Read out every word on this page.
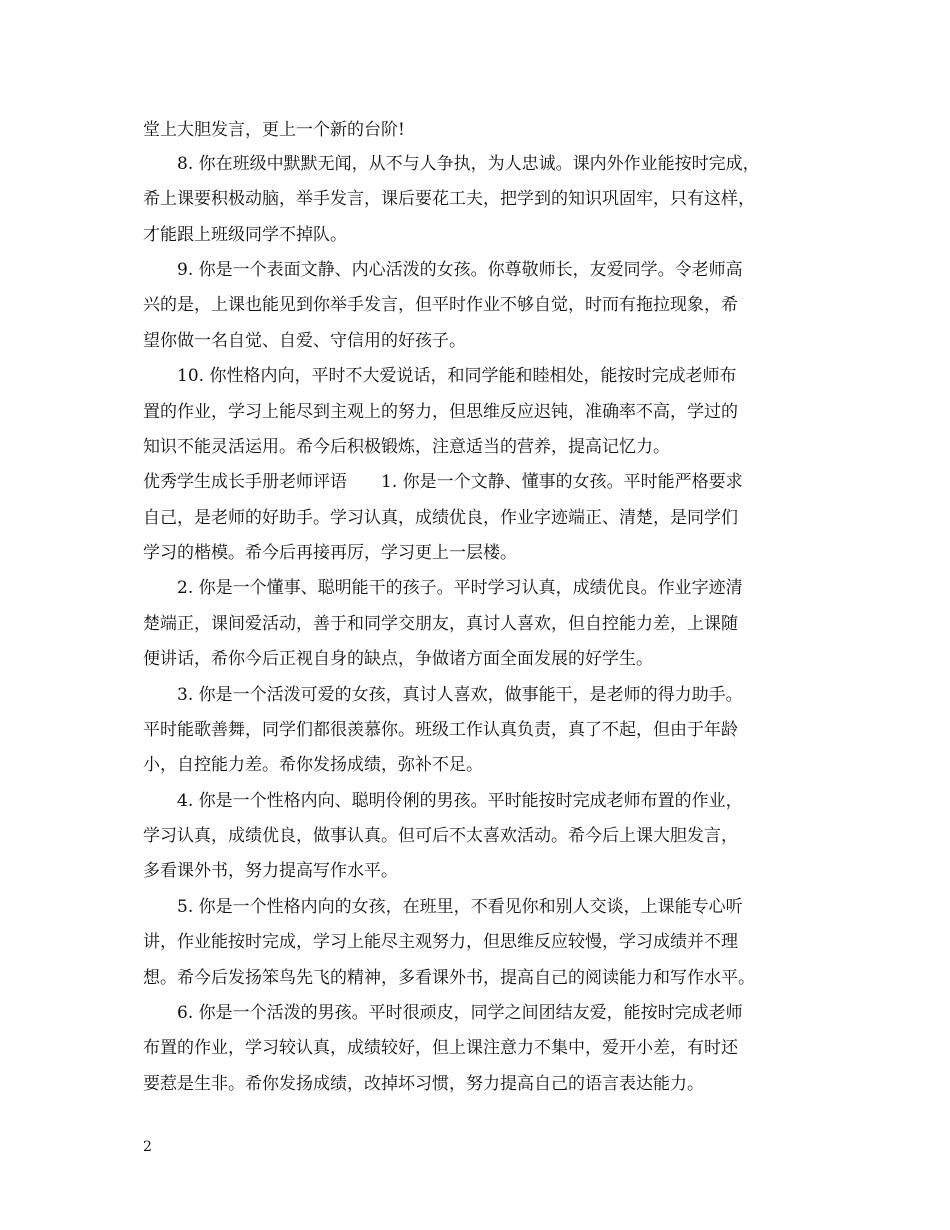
堂上大胆发言，更上一个新的台阶!
　　8. 你在班级中默默无闻，从不与人争执，为人忠诚。课内外作业能按时完成，
希上课要积极动脑，举手发言，课后要花工夫，把学到的知识巩固牢，只有这样，
才能跟上班级同学不掉队。
　　9. 你是一个表面文静、内心活泼的女孩。你尊敬师长，友爱同学。令老师高
兴的是，上课也能见到你举手发言，但平时作业不够自觉，时而有拖拉现象，希
望你做一名自觉、自爱、守信用的好孩子。
　　10. 你性格内向，平时不大爱说话，和同学能和睦相处，能按时完成老师布
置的作业，学习上能尽到主观上的努力，但思维反应迟钝，准确率不高，学过的
知识不能灵活运用。希今后积极锻炼，注意适当的营养，提高记忆力。
优秀学生成长手册老师评语　　1. 你是一个文静、懂事的女孩。平时能严格要求
自己，是老师的好助手。学习认真，成绩优良，作业字迹端正、清楚，是同学们
学习的楷模。希今后再接再厉，学习更上一层楼。
　　2. 你是一个懂事、聪明能干的孩子。平时学习认真，成绩优良。作业字迹清
楚端正，课间爱活动，善于和同学交朋友，真讨人喜欢，但自控能力差，上课随
便讲话，希你今后正视自身的缺点，争做诸方面全面发展的好学生。
　　3. 你是一个活泼可爱的女孩，真讨人喜欢，做事能干，是老师的得力助手。
平时能歌善舞，同学们都很羡慕你。班级工作认真负责，真了不起，但由于年龄
小，自控能力差。希你发扬成绩，弥补不足。
　　4. 你是一个性格内向、聪明伶俐的男孩。平时能按时完成老师布置的作业，
学习认真，成绩优良，做事认真。但可后不太喜欢活动。希今后上课大胆发言，
多看课外书，努力提高写作水平。
　　5. 你是一个性格内向的女孩，在班里，不看见你和别人交谈，上课能专心听
讲，作业能按时完成，学习上能尽主观努力，但思维反应较慢，学习成绩并不理
想。希今后发扬笨鸟先飞的精神，多看课外书，提高自己的阅读能力和写作水平。
　　6. 你是一个活泼的男孩。平时很顽皮，同学之间团结友爱，能按时完成老师
布置的作业，学习较认真，成绩较好，但上课注意力不集中，爱开小差，有时还
要惹是生非。希你发扬成绩，改掉坏习惯，努力提高自己的语言表达能力。
2
